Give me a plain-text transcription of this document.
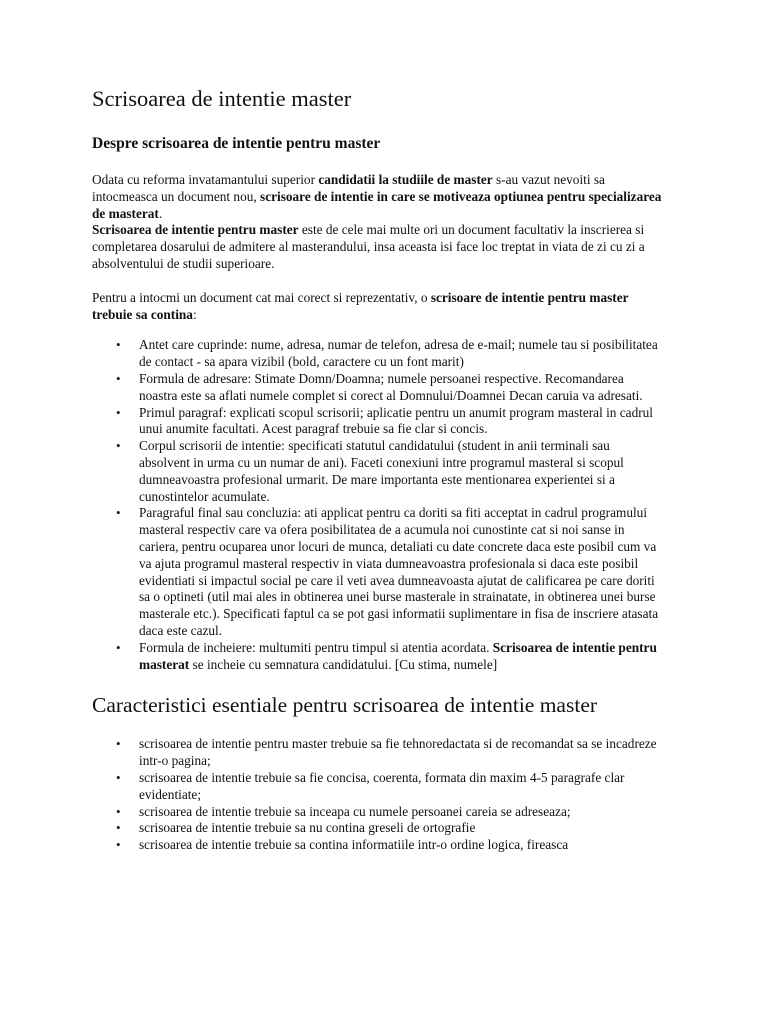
Scrisoarea de intentie master
Despre scrisoarea de intentie pentru master

Odata cu reforma invatamantului superior candidatii la studiile de master s-au vazut nevoiti sa intocmeasca un document nou, scrisoare de intentie in care se motiveaza optiunea pentru specializarea de masterat.

Scrisoarea de intentie pentru master este de cele mai multe ori un document facultativ la inscrierea si completarea dosarului de admitere al masterandului, insa aceasta isi face loc treptat in viata de zi cu zi a absolventului de studii superioare.

Pentru a intocmi un document cat mai corect si reprezentativ, o scrisoare de intentie pentru master trebuie sa contina:

• Antet care cuprinde: nume, adresa, numar de telefon, adresa de e-mail; numele tau si posibilitatea de contact - sa apara vizibil (bold, caractere cu un font marit)
• Formula de adresare: Stimate Domn/Doamna; numele persoanei respective. Recomandarea noastra este sa aflati numele complet si corect al Domnului/Doamnei Decan caruia va adresati.
• Primul paragraf: explicati scopul scrisorii; aplicatie pentru un anumit program masteral in cadrul unui anumite facultati. Acest paragraf trebuie sa fie clar si concis.
• Corpul scrisorii de intentie: specificati statutul candidatului (student in anii terminali sau absolvent in urma cu un numar de ani). Faceti conexiuni intre programul masteral si scopul dumneavoastra profesional urmarit. De mare importanta este mentionarea experientei si a cunostintelor acumulate.
• Paragraful final sau concluzia: ati applicat pentru ca doriti sa fiti acceptat in cadrul programului masteral respectiv care va ofera posibilitatea de a acumula noi cunostinte cat si noi sanse in cariera, pentru ocuparea unor locuri de munca, detaliati cu date concrete daca este posibil cum va va ajuta programul masteral respectiv in viata dumneavoastra profesionala si daca este posibil evidentiati si impactul social pe care il veti avea dumneavoasta ajutat de calificarea pe care doriti sa o optineti (util mai ales in obtinerea unei burse masterale in strainatate, in obtinerea unei burse masterale etc.). Specificati faptul ca se pot gasi informatii suplimentare in fisa de inscriere atasata daca este cazul.
• Formula de incheiere: multumiti pentru timpul si atentia acordata. Scrisoarea de intentie pentru masterat se incheie cu semnatura candidatului. [Cu stima, numele]
Caracteristici esentiale pentru scrisoarea de intentie master
• scrisoarea de intentie pentru master trebuie sa fie tehnoredactata si de recomandat sa se incadreze intr-o pagina;
• scrisoarea de intentie trebuie sa fie concisa, coerenta, formata din maxim 4-5 paragrafe clar evidentiate;
• scrisoarea de intentie trebuie sa inceapa cu numele persoanei careia se adreseaza;
• scrisoarea de intentie trebuie sa nu contina greseli de ortografie
• scrisoarea de intentie trebuie sa contina informatiile intr-o ordine logica, fireasca
